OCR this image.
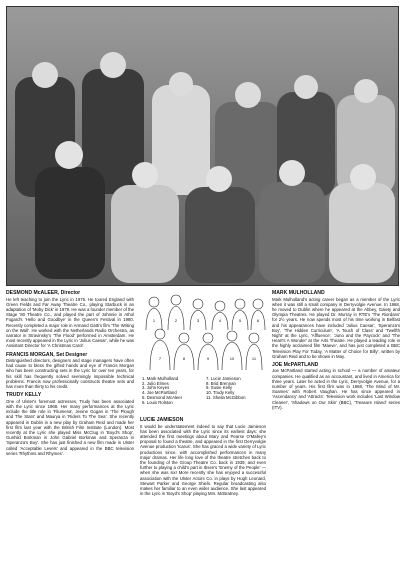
DESMOND McALEER, Director

He left teaching to join the Lyric in 1975. He toured England with Green Fields and Far Away Theatre Co., playing Starbuck in an adaptation of 'Moby Dick' in 1979. He was a founder member of the Stage '80 Theatre Co., and played the part of Johnnie in Athol Fugard's 'Hello and Goodbye' in the Queen's Festival in 1980. Recently completed a major role in Armand Gatti's film 'The Writing on the Wall'. He worked with the Netherlands Radio Orchestra, as narrator in Stravinsky's 'The Flood' performed in Amsterdam. He most recently appeared in the Lyric in 'Julius Caesar', while he was Assistant Director for 'A Christmas Carol'.

FRANCIS MORGAN, Set Designer

Distinguished directors, designers and stage managers have often had cause to bless the gifted hands and eye of Francis Morgan who has been constructing sets in the Lyric for over ten years, for his skill has frequently solved seemingly impossible technical problems. Francis now professionally constructs theatre sets and has more than thirty to his credit.

TRUDY KELLY

One of Ulster's foremost actresses, Trudy has been associated with the Lyric since 1968. Her many performances at the Lyric include the title role in 'Filumena', Jenine Gogan in 'The Plough and The Stars' and Maurya in 'Riders To The Sea'. She recently appeared in Dublin in a new play by Graham Reid and made her first film last year with the British Film Institute (London). Most recently at the Lyric she played Miss McClug in 'Boyd's Shop', Gunhild Borkman in John Gabriel Borkman and Speranza in 'Speranza's Boy'. She has just finished a new film made in Ulster called 'Acceptable Levels' and appeared in the BBC television series 'Rhythms and Rhymes'.

1	2	3	4	5	6
7	8	9	10	11
1. Mark Mulholland
2. Julio Elmes
3. John Keyes
4. Joe McPartland
5. Desmond McAleer
6. Louis Rolston
7. Lucie Jamieson
8. Brid Brennan
9. Susie Kelly
10. Trudy Kelly
11. Sheila McGibbon
LUCIE JAMIESON

It would be understatement indeed to say that Lucie Jamieson has been associated with the Lyric since its earliest days: she attended the first meetings about Mary and Pearse O'Malley's proposal to found a theatre, and appeared in the first Derryvolgie Avenue production 'Icarus'. She has graced a wide variety of Lyric productions since, with accomplished performances in many major dramas. Her life long love of the theatre stretches back to the founding of the Group Theatre Co. back in 1939, and even further to playing a child's part in Ibsen's 'Enemy of the People' — when she was six! More recently she has enjoyed a successful association with the Ulster Actors Co. in plays by Hugh Leonard, Stewart Parker and George Shiels. Regular broadcasting also makes her familiar to an even wider audience. She last appeared in the Lyric in 'Boyd's Shop' playing Mrs. McBratney.

MARK MULHOLLAND

Mark Mulholland's acting career began as a member of the Lyric when it was still a small company in Derryvolgie Avenue. In 1968, he moved to Dublin where he appeared at the Abbey, Gaiety and Olympia Theatres. He played Dr. Murray in RTE's 'The Riordans' for 2½ years. He now spends most of his time working in Belfast and his appearances have included 'Julius Caesar', 'Speranza's Boy', 'The Hidden Curriculum', 'A Touch of Class' and 'Twelfth Night' at the Lyric, 'Affluence', 'Juno and the Paycock' and 'The Heart's A Wonder' at the Arts Theatre. He played a leading role in the highly acclaimed film 'Maeve', and has just completed a BBC Television Play For Today, 'A Matter of Choice for Billy', written by Graham Reid and to be shown in May.

JOE McPARTLAND

Joe McPartland started acting in school — a number of amateur companies. He qualified as an accountant, and lived in America for three years. Later he acted in the Lyric, Derryvolgie Avenue, for a number of years. His first film was in 1968, 'The Mind of Mr. Soames' with Robert Vaughan. He has since appeared in 'Ascendancy' and 'Attracts'. Television work includes 'Last Window Cleaner', 'Shadows on Our Skin' (BBC), 'Treasure Island' series (ITV).
